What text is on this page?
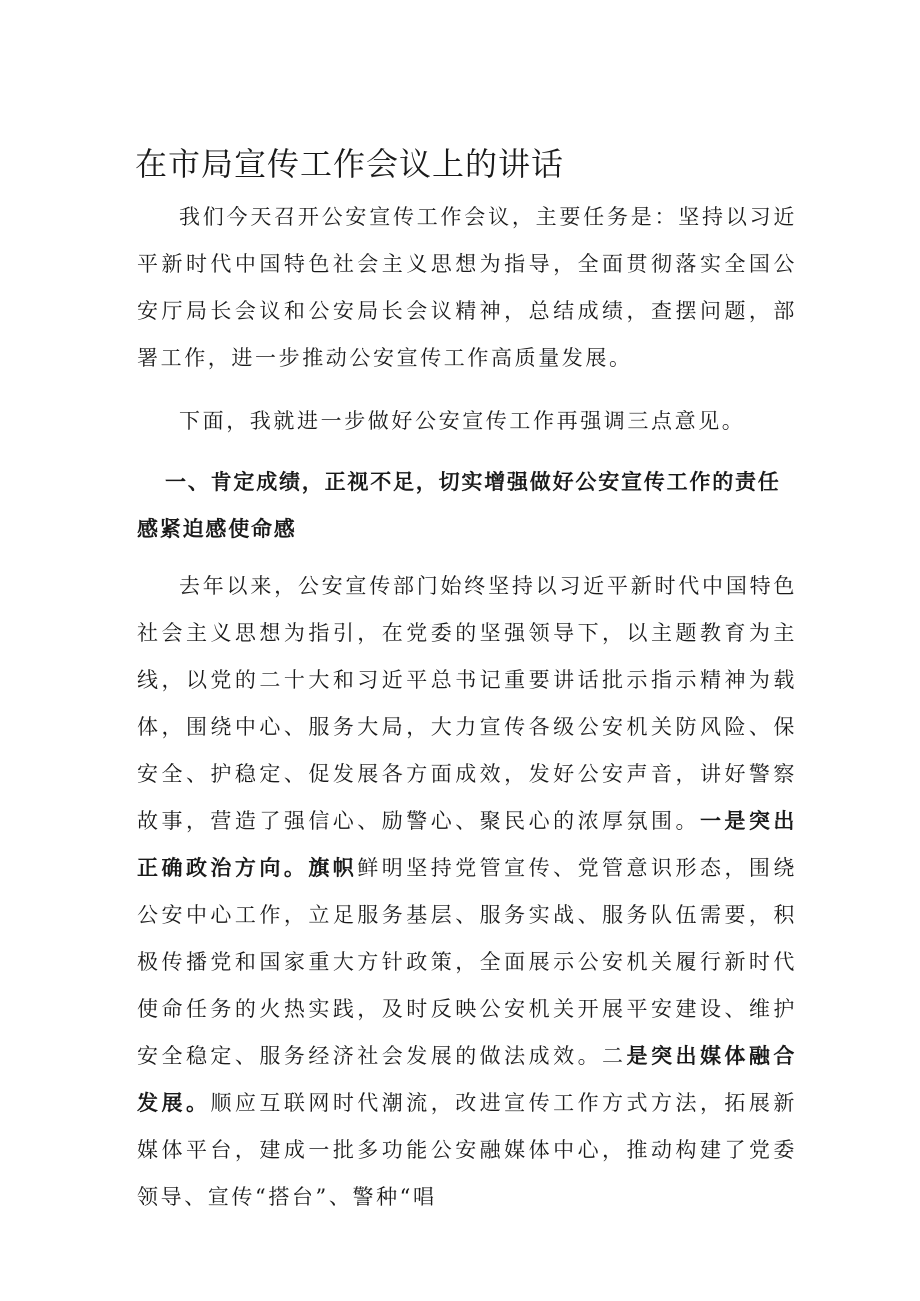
在市局宣传工作会议上的讲话

我们今天召开公安宣传工作会议，主要任务是：坚持以习近平新时代中国特色社会主义思想为指导，全面贯彻落实全国公安厅局长会议和公安局长会议精神，总结成绩，查摆问题，部署工作，进一步推动公安宣传工作高质量发展。

下面，我就进一步做好公安宣传工作再强调三点意见。

一、肯定成绩，正视不足，切实增强做好公安宣传工作的责任感紧迫感使命感

去年以来，公安宣传部门始终坚持以习近平新时代中国特色社会主义思想为指引，在党委的坚强领导下，以主题教育为主线，以党的二十大和习近平总书记重要讲话批示指示精神为载体，围绕中心、服务大局，大力宣传各级公安机关防风险、保安全、护稳定、促发展各方面成效，发好公安声音，讲好警察故事，营造了强信心、励警心、聚民心的浓厚氛围。一是突出正确政治方向。旗帜鲜明坚持党管宣传、党管意识形态，围绕公安中心工作，立足服务基层、服务实战、服务队伍需要，积极传播党和国家重大方针政策，全面展示公安机关履行新时代使命任务的火热实践，及时反映公安机关开展平安建设、维护安全稳定、服务经济社会发展的做法成效。二是突出媒体融合发展。顺应互联网时代潮流，改进宣传工作方式方法，拓展新媒体平台，建成一批多功能公安融媒体中心，推动构建了党委领导、宣传“搭台”、警种“唱
